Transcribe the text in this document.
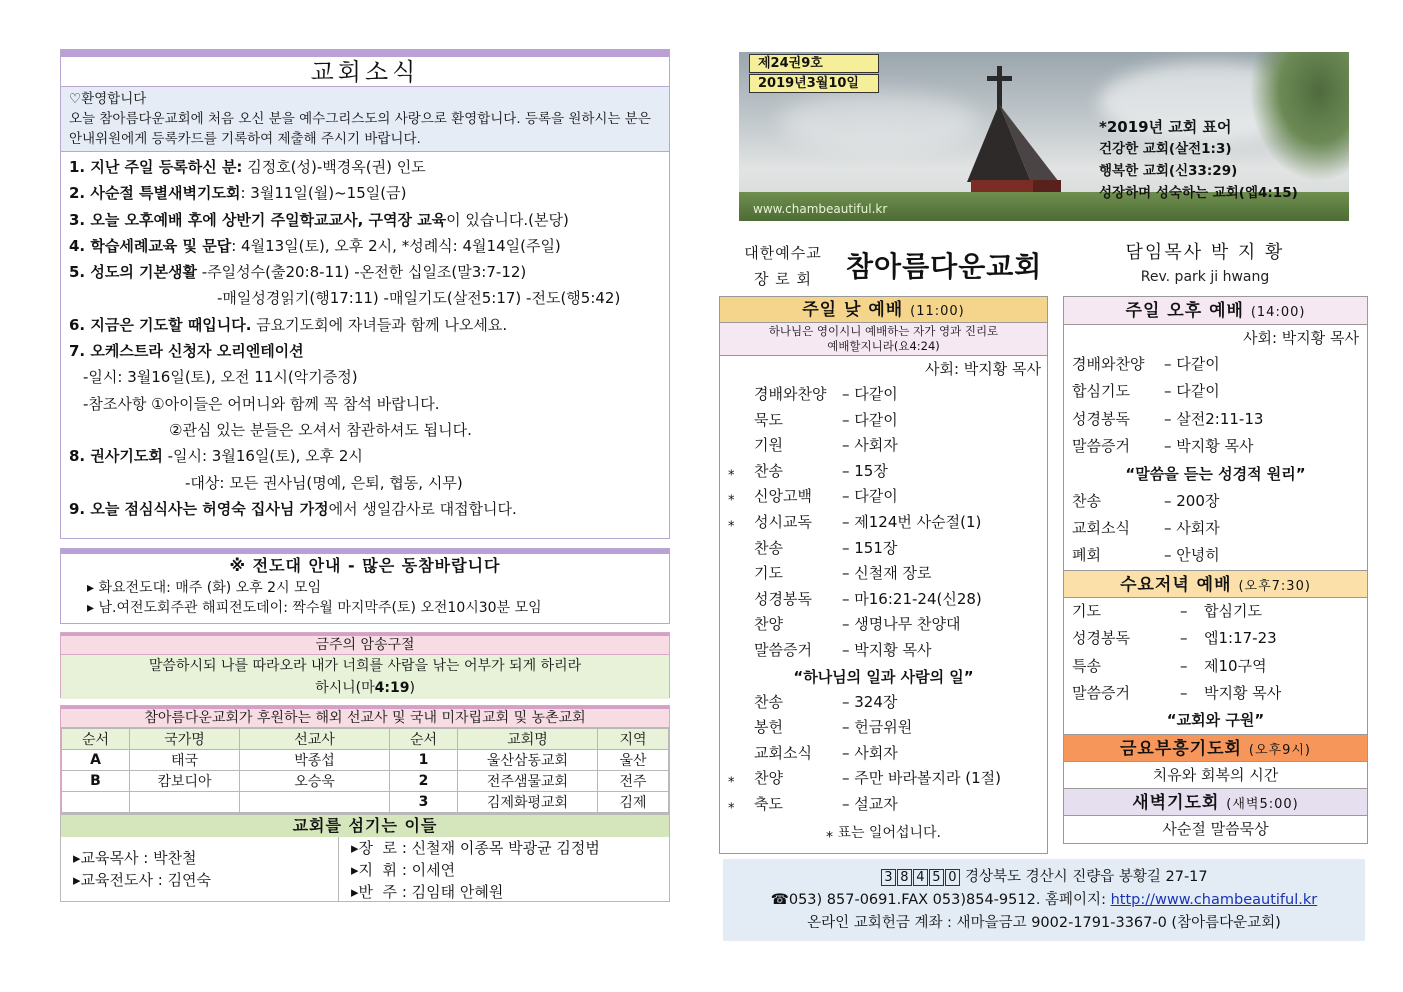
교회소식
♡환영합니다
오늘 참아름다운교회에 처음 오신 분을 예수그리스도의 사랑으로 환영합니다. 등록을 원하시는 분은 안내위원에게 등록카드를 기록하여 제출해 주시기 바랍니다.
1. 지난 주일 등록하신 분: 김정호(성)-백경옥(권) 인도
2. 사순절 특별새벽기도회: 3월11일(월)~15일(금)
3. 오늘 오후예배 후에 상반기 주일학교교사, 구역장 교육이 있습니다.(본당)
4. 학습세례교육 및 문답: 4월13일(토), 오후 2시, *성례식: 4월14일(주일)
5. 성도의 기본생활 -주일성수(출20:8-11) -온전한 십일조(말3:7-12)
-매일성경읽기(행17:11) -매일기도(살전5:17) -전도(행5:42)
6. 지금은 기도할 때입니다. 금요기도회에 자녀들과 함께 나오세요.
7. 오케스트라 신청자 오리엔테이션
-일시: 3월16일(토), 오전 11시(악기증정)
-참조사항 ①아이들은 어머니와 함께 꼭 참석 바랍니다.
②관심 있는 분들은 오셔서 참관하셔도 됩니다.
8. 권사기도회 -일시: 3월16일(토), 오후 2시
-대상: 모든 권사님(명예, 은퇴, 협동, 시무)
9. 오늘 점심식사는 허영숙 집사님 가정에서 생일감사로 대접합니다.
※ 전도대 안내 - 많은 동참바랍니다
▸ 화요전도대: 매주 (화) 오후 2시 모임
▸ 남.여전도회주관 해피전도데이: 짝수월 마지막주(토) 오전10시30분 모임
금주의 암송구절
말씀하시되 나를 따라오라 내가 너희를 사람을 낚는 어부가 되게 하리라
하시니(마4:19)
참아름다운교회가 후원하는 해외 선교사 및 국내 미자립교회 및 농촌교회
순서	국가명	선교사	순서	교회명	지역
A	태국	박종섭	1	울산삼동교회	울산
B	캄보디아	오승욱	2	전주샘물교회	전주
			3	김제화평교회	김제
교회를 섬기는 이들
▸교육목사 : 박찬철
▸교육전도사 : 김연숙
▸장  로 : 신철재 이종목 박광균 김정범
▸지  휘 : 이세연
▸반  주 : 김임태 안혜원
제24권9호
2019년3월10일
*2019년 교회 표어
건강한 교회(살전1:3)
행복한 교회(신33:29)
성장하며 성숙하는 교회(엡4:15)
www.chambeautiful.kr
대한예수교
장 로 회	참아름다운교회	담임목사 박 지 황
Rev. park ji hwang
주일 낮 예배 (11:00)
하나님은 영이시니 예배하는 자가 영과 진리로
예배할지니라(요4:24)
사회: 박지황 목사
경배와찬양	– 다같이
묵도	– 다같이
기원	– 사회자
⁎ 찬송	– 15장
⁎ 신앙고백	– 다같이
⁎ 성시교독	– 제124번 사순절(1)
찬송	– 151장
기도	– 신철재 장로
성경봉독	– 마16:21-24(신28)
찬양	– 생명나무 찬양대
말씀증거	– 박지황 목사
“하나님의 일과 사람의 일”
찬송	– 324장
봉헌	– 헌금위원
교회소식	– 사회자
⁎ 찬양	– 주만 바라볼지라 (1절)
⁎ 축도	– 설교자
⁎ 표는 일어섭니다.
주일 오후 예배 (14:00)
사회: 박지황 목사
경배와찬양	– 다같이
합심기도	– 다같이
성경봉독	– 살전2:11-13
말씀증거	– 박지황 목사
“말씀을 듣는 성경적 원리”
찬송	– 200장
교회소식	– 사회자
폐회	– 안녕히
수요저녁 예배 (오후7:30)
기도	– 합심기도
성경봉독	– 엡1:17-23
특송	– 제10구역
말씀증거	– 박지황 목사
“교회와 구원”
금요부흥기도회 (오후9시)
치유와 회복의 시간
새벽기도회 (새벽5:00)
사순절 말씀묵상
3 8 4 5 0 경상북도 경산시 진량읍 봉황길 27-17
☎053) 857-0691.FAX 053)854-9512. 홈페이지: http://www.chambeautiful.kr
온라인 교회헌금 계좌 : 새마을금고 9002-1791-3367-0 (참아름다운교회)
